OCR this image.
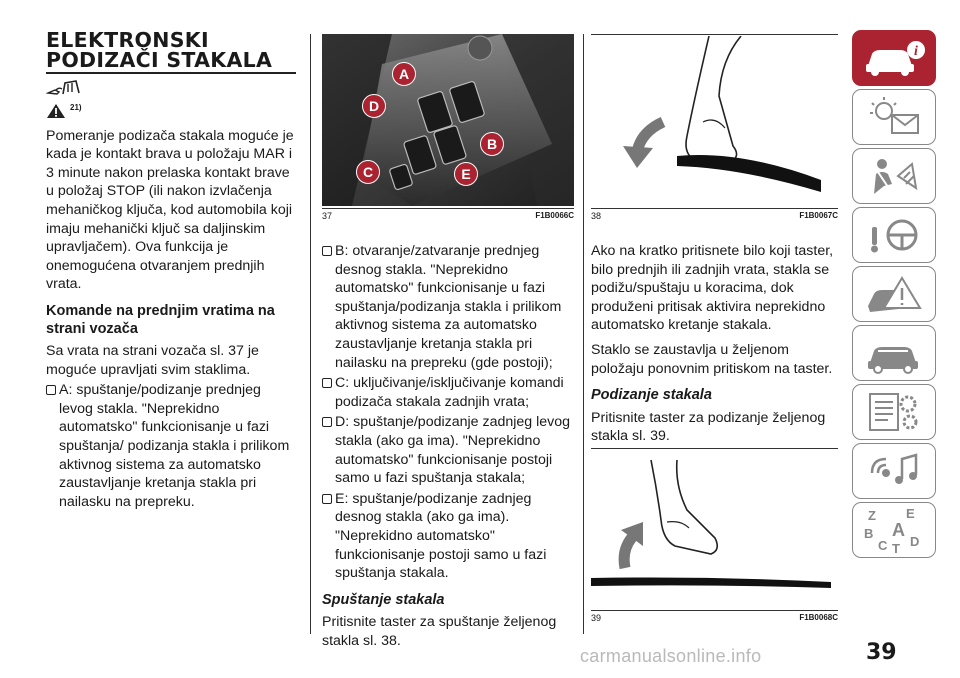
ELEKTRONSKI
PODIZAČI STAKALA
21)

Pomeranje podizača stakala moguće je kada je kontakt brava u položaju MAR i 3 minute nakon prelaska kontakt brave u položaj STOP (ili nakon izvlačenja mehaničkog ključa, kod automobila koji imaju mehanički ključ sa daljinskim upravljačem). Ova funkcija je onemogućena otvaranjem prednjih vrata.

Komande na prednjim vratima na strani vozača

Sa vrata na strani vozača sl. 37 je moguće upravljati svim staklima.

A: spuštanje/podizanje prednjeg levog stakla. "Neprekidno automatsko" funkcionisanje u fazi spuštanja/ podizanja stakla i prilikom aktivnog sistema za automatsko zaustavljanje kretanja stakla pri nailasku na prepreku.
A
D
B
C	E
37	F1B0066C
B: otvaranje/zatvaranje prednjeg desnog stakla. "Neprekidno automatsko" funkcionisanje u fazi spuštanja/podizanja stakla i prilikom aktivnog sistema za automatsko zaustavljanje kretanja stakla pri nailasku na prepreku (gde postoji);
C: uključivanje/isključivanje komandi podizača stakala zadnjih vrata;
D: spuštanje/podizanje zadnjeg levog stakla (ako ga ima). "Neprekidno automatsko" funkcionisanje postoji samo u fazi spuštanja stakala;
E: spuštanje/podizanje zadnjeg desnog stakla (ako ga ima). "Neprekidno automatsko" funkcionisanje postoji samo u fazi spuštanja stakala.
Spuštanje stakala

Pritisnite taster za spuštanje željenog stakla sl. 38.

38	F1B0067C

Ako na kratko pritisnete bilo koji taster, bilo prednjih ili zadnjih vrata, stakla se podižu/spuštaju u koracima, dok produženi pritisak aktivira neprekidno automatsko kretanje stakala.

Staklo se zaustavlja u željenom položaju ponovnim pritiskom na taster.

Podizanje stakala

Pritisnite taster za podizanje željenog stakla sl. 39.

39	F1B0068C
i
Z E
B A
C T D
39
carmanualsonline.info
